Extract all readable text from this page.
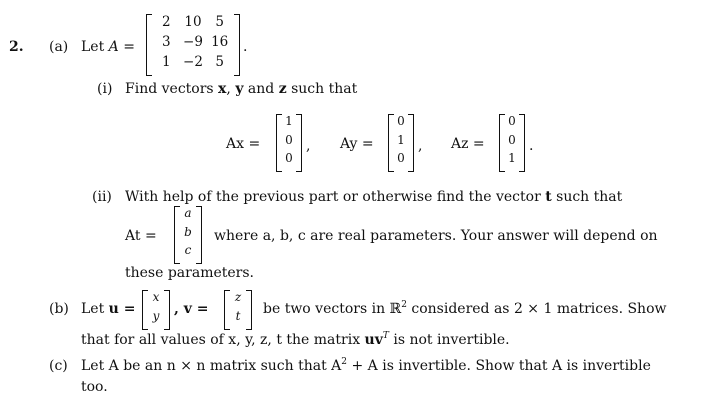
2. (a) Let A =
2	10	5
3 −9 16
1 −2 5
.
(i) Find vectors x, y and z such that
Ax =
1
0
0
, Ay =
0
1
0
, Az =
0
0
1
.
(ii) With help of the previous part or otherwise find the vector t such that
At =
a
b
c
where a, b, c are real parameters. Your answer will depend on
these parameters.
(b) Let u =
x
y , v =
z
t	be two vectors in ℝ$^2$ considered as 2 × 1 matrices. Show
that for all values of x, y, z, t the matrix $uv^T$ is not invertible.
(c) Let A be an n × n matrix such that $A^2 + A$ is invertible. Show that A is invertible
too.
